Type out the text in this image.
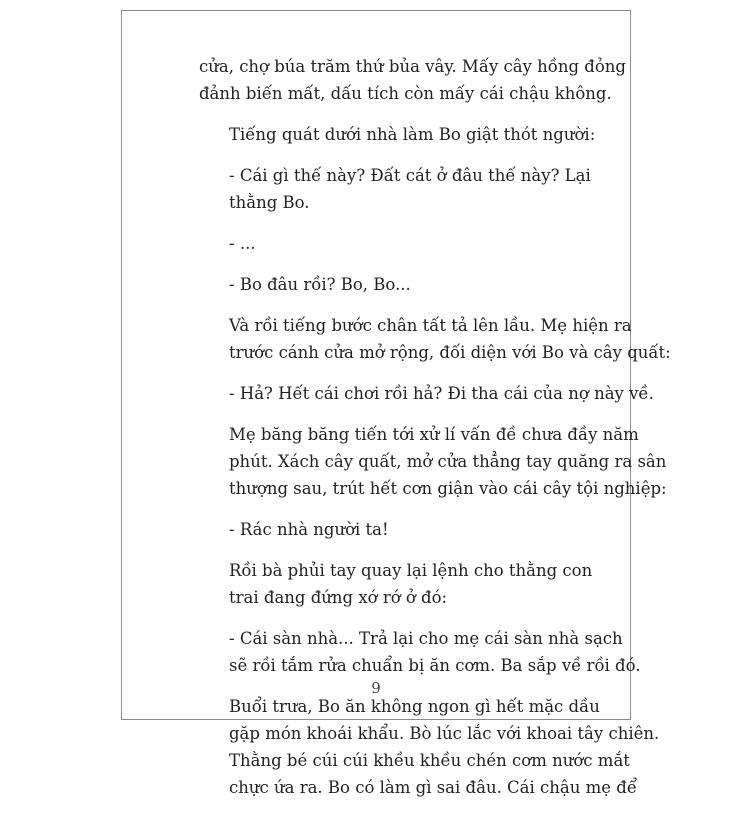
cửa, chợ búa trăm thứ bủa vây. Mấy cây hồng đỏng
đảnh biến mất, dấu tích còn mấy cái chậu không.

Tiếng quát dưới nhà làm Bo giật thót người:

- Cái gì thế này? Đất cát ở đâu thế này? Lại
thằng Bo.

- ...

- Bo đâu rồi? Bo, Bo...

Và rồi tiếng bước chân tất tả lên lầu. Mẹ hiện ra
trước cánh cửa mở rộng, đối diện với Bo và cây quất:

- Hả? Hết cái chơi rồi hả? Đi tha cái của nợ này về.

Mẹ băng băng tiến tới xử lí vấn đề chưa đầy năm
phút. Xách cây quất, mở cửa thẳng tay quăng ra sân
thượng sau, trút hết cơn giận vào cái cây tội nghiệp:

- Rác nhà người ta!

Rồi bà phủi tay quay lại lệnh cho thằng con
trai đang đứng xớ rớ ở đó:

- Cái sàn nhà... Trả lại cho mẹ cái sàn nhà sạch
sẽ rồi tắm rửa chuẩn bị ăn cơm. Ba sắp về rồi đó.

Buổi trưa, Bo ăn không ngon gì hết mặc dầu
gặp món khoái khẩu. Bò lúc lắc với khoai tây chiên.
Thằng bé cúi cúi khều khều chén cơm nước mắt
chực ứa ra. Bo có làm gì sai đâu. Cái chậu mẹ để

9
